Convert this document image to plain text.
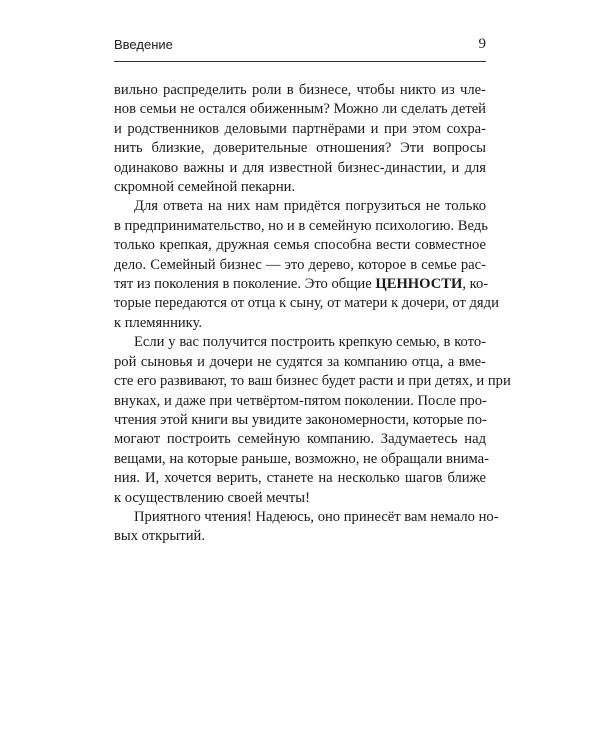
Введение	9

вильно распределить роли в бизнесе, чтобы никто из чле-
нов семьи не остался обиженным? Можно ли сделать детей
и родственников деловыми партнёрами и при этом сохра-
нить близкие, доверительные отношения? Эти вопросы
одинаково важны и для известной бизнес-династии, и для
скромной семейной пекарни.

Для ответа на них нам придётся погрузиться не только
в предпринимательство, но и в семейную психологию. Ведь
только крепкая, дружная семья способна вести совместное
дело. Семейный бизнес — это дерево, которое в семье рас-
тят из поколения в поколение. Это общие ЦЕННОСТИ, ко-
торые передаются от отца к сыну, от матери к дочери, от дяди
к племяннику.

Если у вас получится построить крепкую семью, в кото-
рой сыновья и дочери не судятся за компанию отца, а вме-
сте его развивают, то ваш бизнес будет расти и при детях, и при
внуках, и даже при четвёртом-пятом поколении. После про-
чтения этой книги вы увидите закономерности, которые по-
могают построить семейную компанию. Задумаетесь над
вещами, на которые раньше, возможно, не обращали внима-
ния. И, хочется верить, станете на несколько шагов ближе
к осуществлению своей мечты!

Приятного чтения! Надеюсь, оно принесёт вам немало но-
вых открытий.
